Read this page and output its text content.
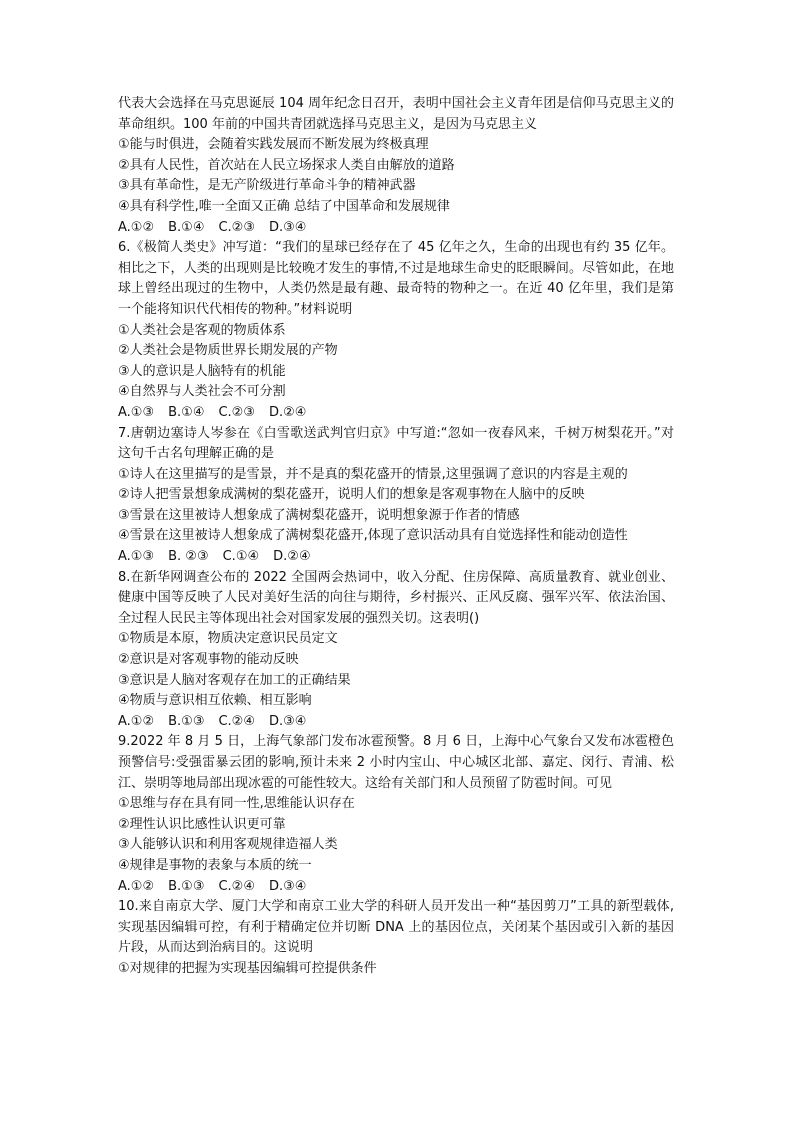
代表大会选择在马克思诞辰 104 周年纪念日召开，表明中国社会主义青年团是信仰马克思主义的革命组织。100 年前的中国共青团就选择马克思主义，是因为马克思主义
①能与时俱进，会随着实践发展而不断发展为终极真理
②具有人民性，首次站在人民立场探求人类自由解放的道路
③具有革命性，是无产阶级进行革命斗争的精神武器
④具有科学性,唯一全面又正确 总结了中国革命和发展规律
A.①② B.①④ C.②③ D.③④
6.《极简人类史》冲写道：“我们的星球已经存在了 45 亿年之久，生命的出现也有约 35 亿年。相比之下，人类的出现则是比较晚才发生的事情,不过是地球生命史的眨眼瞬间。尽管如此，在地球上曾经出现过的生物中，人类仍然是最有趣、最奇特的物种之一。在近 40 亿年里，我们是第一个能将知识代代相传的物种。”材料说明
①人类社会是客观的物质体系
②人类社会是物质世界长期发展的产物
③人的意识是人脑特有的机能
④自然界与人类社会不可分割
A.①③ B.①④ C.②③ D.②④
7.唐朝边塞诗人岑参在《白雪歌送武判官归京》中写道:“忽如一夜春风来，千树万树梨花开。”对这句千古名句理解正确的是
①诗人在这里描写的是雪景，并不是真的梨花盛开的情景,这里强调了意识的内容是主观的
②诗人把雪景想象成满树的梨花盛开，说明人们的想象是客观事物在人脑中的反映
③雪景在这里被诗人想象成了满树梨花盛开，说明想象源于作者的情感
④雪景在这里被诗人想象成了满树梨花盛开,体现了意识活动具有自觉选择性和能动创造性
A.①③ B. ②③ C.①④ D.②④
8.在新华网调查公布的 2022 全国两会热词中，收入分配、住房保障、高质量教育、就业创业、健康中国等反映了人民对美好生活的向往与期待，乡村振兴、正风反腐、强军兴军、依法治国、全过程人民民主等体现出社会对国家发展的强烈关切。这表明()
①物质是本原，物质决定意识民员定文
②意识是对客观事物的能动反映
③意识是人脑对客观存在加工的正确结果
④物质与意识相互依赖、相互影响
A.①② B.①③ C.②④ D.③④
9.2022 年 8 月 5 日，上海气象部门发布冰雹预警。8 月 6 日，上海中心气象台又发布冰雹橙色预警信号:受强雷暴云团的影响,预计未来 2 小时内宝山、中心城区北部、嘉定、闵行、青浦、松江、崇明等地局部出现冰雹的可能性较大。这给有关部门和人员预留了防雹时间。可见
①思维与存在具有同一性,思维能认识存在
②理性认识比感性认识更可靠
③人能够认识和利用客观规律造福人类
④规律是事物的表象与本质的统一
A.①② B.①③ C.②④ D.③④
10.来自南京大学、厦门大学和南京工业大学的科研人员开发出一种“基因剪刀”工具的新型载体,实现基因编辑可控，有利于精确定位并切断 DNA 上的基因位点，关闭某个基因或引入新的基因片段，从而达到治病目的。这说明
①对规律的把握为实现基因编辑可控提供条件
